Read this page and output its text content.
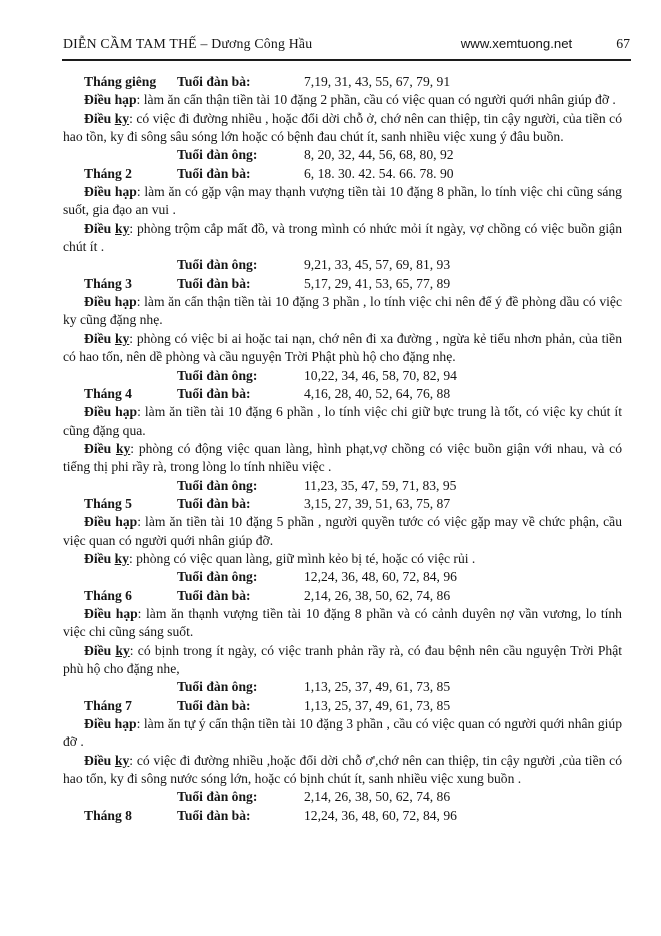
DIỄN CẦM TAM THẾ – Dương Công Hầu	www.xemtuong.net	67
Tháng giêng Tuổi đàn bà:	7,19, 31, 43, 55, 67, 79, 91

Điều hạp: làm ăn cẩn thận tiền tài 10 đặng 2 phần, cầu có việc quan có người quới nhân giúp đỡ .

Điều ky: có việc đi đường nhiều , hoặc đổi dời chỗ ở, chớ nên can thiệp, tin cậy người, của tiền có hao tồn, ky đi sông sâu sóng lớn hoặc có bệnh đau chút ít, sanh nhiều việc xung ý đâu buồn.

Tuổi đàn ông:	8, 20, 32, 44, 56, 68, 80, 92
Tháng 2	Tuổi đàn bà:	6, 18. 30. 42. 54. 66. 78. 90

Điều hạp: làm ăn có gặp vận may thạnh vượng tiền tài 10 đặng 8 phần, lo tính việc chi cũng sáng suốt, gia đạo an vui .

Điều ky: phòng trộm cắp mất đồ, và trong mình có nhức mỏi ít ngày, vợ chồng có việc buồn giận chút ít .

Tuổi đàn ông:	9,21, 33, 45, 57, 69, 81, 93
Tháng 3	Tuổi đàn bà:	5,17, 29, 41, 53, 65, 77, 89

Điều hạp: làm ăn cẩn thận tiền tài 10 đặng 3 phần , lo tính việc chi nên để ý đề phòng dầu có việc ky cũng đặng nhẹ.

Điều ky: phòng có việc bi ai hoặc tai nạn, chớ nên đi xa đường , ngừa kẻ tiểu nhơn phản, của tiền có hao tốn, nên dề phòng và cầu nguyện Trời Phật phù hộ cho đặng nhẹ.

Tuổi đàn ông:	10,22, 34, 46, 58, 70, 82, 94
Tháng 4	Tuổi đàn bà:	4,16, 28, 40, 52, 64, 76, 88

Điều hạp: làm ăn tiền tài 10 đặng 6 phần , lo tính việc chi giữ bực trung là tốt, có việc ky chút ít cũng đặng qua.

Điều ky: phòng có động việc quan làng, hình phạt,vợ chồng có việc buồn giận với nhau, và có tiếng thị phi rầy rà, trong lòng lo tính nhiều việc .

Tuổi đàn ông:	11,23, 35, 47, 59, 71, 83, 95
Tháng 5	Tuổi đàn bà:	3,15, 27, 39, 51, 63, 75, 87

Điều hạp: làm ăn tiền tài 10 đặng 5 phần , người quyền tước có việc gặp may về chức phận, cầu việc quan có người quới nhân giúp đỡ.

Điều ky: phòng có việc quan làng, giữ mình kẻo bị té, hoặc có việc rủi .

Tuổi đàn ông:	12,24, 36, 48, 60, 72, 84, 96
Tháng 6	Tuổi đàn bà:	2,14, 26, 38, 50, 62, 74, 86

Điều hạp: làm ăn thạnh vượng tiền tài 10 đặng 8 phần và có cảnh duyên nợ vần vương, lo tính việc chi cũng sáng suốt.

Điều ky: có bịnh trong ít ngày, có việc tranh phản rầy rà, có đau bệnh nên cầu nguyện Trời Phật phù hộ cho đặng nhe,

Tuổi đàn ông:	1,13, 25, 37, 49, 61, 73, 85
Tháng 7	Tuổi đàn bà:	1,13, 25, 37, 49, 61, 73, 85

Điều hạp: làm ăn tự ý cẩn thận tiền tài 10 đặng 3 phần , cầu có việc quan có người quới nhân giúp đỡ .

Điều ky: có việc đi đường nhiều ,hoặc đổi dời chỗ ơ',chớ nên can thiệp, tin cậy người ,của tiền có hao tổn, ky đi sông nước sóng lớn, hoặc có bịnh chút ít, sanh nhiều việc xung buồn .

Tuổi đàn ông:	2,14, 26, 38, 50, 62, 74, 86
Tháng 8	Tuổi đàn bà:	12,24, 36, 48, 60, 72, 84, 96
